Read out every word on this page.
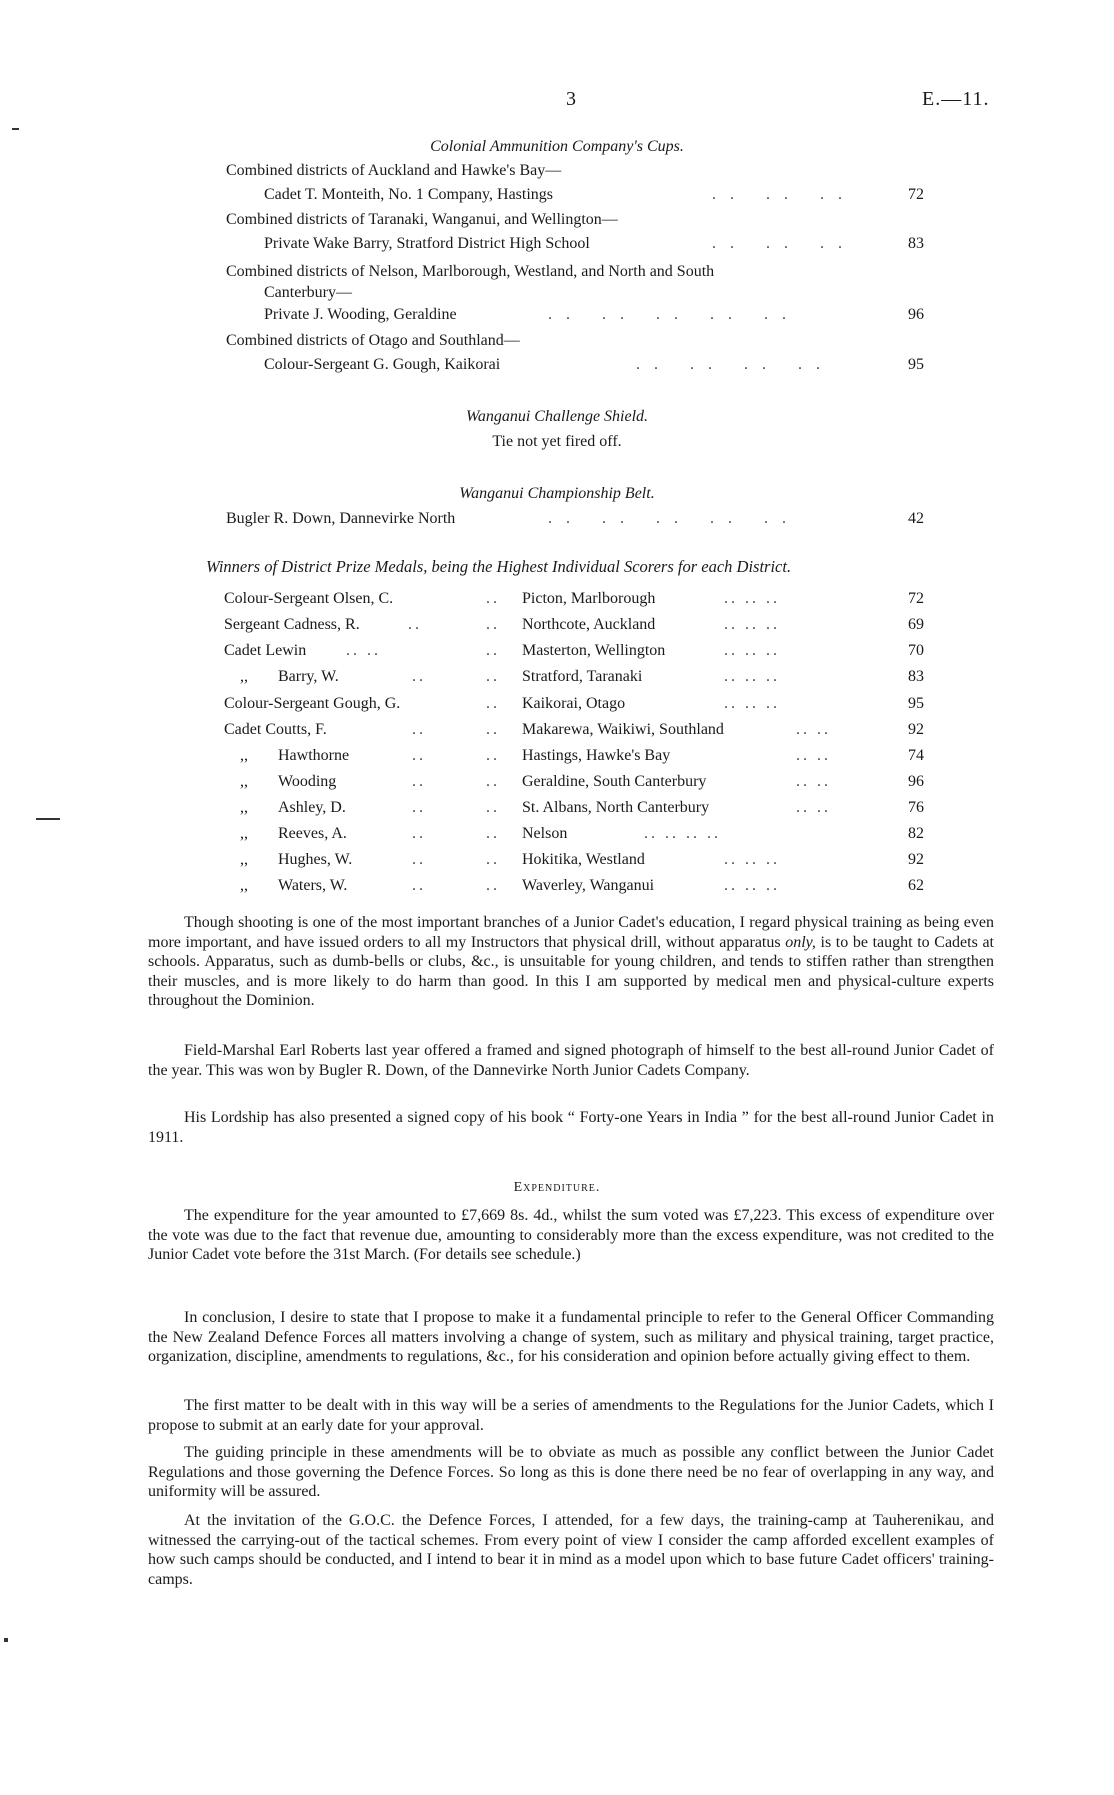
3	E.—11.
Colonial Ammunition Company's Cups.
Combined districts of Auckland and Hawke's Bay—
Cadet T. Monteith, No. 1 Company, Hastings	.. .. ..	72
Combined districts of Taranaki, Wanganui, and Wellington—
Private Wake Barry, Stratford District High School	.. .. ..	83
Combined districts of Nelson, Marlborough, Westland, and North and South
Canterbury—
Private J. Wooding, Geraldine	.. .. .. .. ..	96
Combined districts of Otago and Southland—
Colour-Sergeant G. Gough, Kaikorai	.. .. .. ..	95
Wanganui Challenge Shield.
Tie not yet fired off.
Wanganui Championship Belt.
Bugler R. Down, Dannevirke North	.. .. .. .. ..	42
Winners of District Prize Medals, being the Highest Individual Scorers for each District.
Colour-Sergeant Olsen, C.	.. Picton, Marlborough	.. .. ..	72
Sergeant Cadness, R.	..	.. Northcote, Auckland	.. .. ..	69
Cadet Lewin .. ..	.. Masterton, Wellington	.. .. ..	70
,, Barry, W.	..	.. Stratford, Taranaki	.. .. ..	83
Colour-Sergeant Gough, G.	.. Kaikorai, Otago	.. .. ..	95
Cadet Coutts, F.	..	.. Makarewa, Waikiwi, Southland	.. ..	92
,, Hawthorne	..	.. Hastings, Hawke's Bay	.. ..	74
,, Wooding	..	.. Geraldine, South Canterbury	.. ..	96
,, Ashley, D.	..	.. St. Albans, North Canterbury	.. ..	76
,, Reeves, A.	..	.. Nelson	.. .. .. ..	82
,, Hughes, W.	..	.. Hokitika, Westland	.. .. ..	92
,, Waters, W.	..	.. Waverley, Wanganui	.. .. ..	62

Though shooting is one of the most important branches of a Junior Cadet's education, I regard physical training as being even more important, and have issued orders to all my Instructors that physical drill, without apparatus only, is to be taught to Cadets at schools. Apparatus, such as dumb-bells or clubs, &c., is unsuitable for young children, and tends to stiffen rather than strengthen their muscles, and is more likely to do harm than good. In this I am supported by medical men and physical-culture experts throughout the Dominion.

Field-Marshal Earl Roberts last year offered a framed and signed photograph of himself to the best all-round Junior Cadet of the year. This was won by Bugler R. Down, of the Dannevirke North Junior Cadets Company.

His Lordship has also presented a signed copy of his book “ Forty-one Years in India ” for the best all-round Junior Cadet in 1911.

Expenditure.

The expenditure for the year amounted to £7,669 8s. 4d., whilst the sum voted was £7,223. This excess of expenditure over the vote was due to the fact that revenue due, amounting to considerably more than the excess expenditure, was not credited to the Junior Cadet vote before the 31st March. (For details see schedule.)

In conclusion, I desire to state that I propose to make it a fundamental principle to refer to the General Officer Commanding the New Zealand Defence Forces all matters involving a change of system, such as military and physical training, target practice, organization, discipline, amendments to regulations, &c., for his consideration and opinion before actually giving effect to them.

The first matter to be dealt with in this way will be a series of amendments to the Regulations for the Junior Cadets, which I propose to submit at an early date for your approval.

The guiding principle in these amendments will be to obviate as much as possible any conflict between the Junior Cadet Regulations and those governing the Defence Forces. So long as this is done there need be no fear of overlapping in any way, and uniformity will be assured.

At the invitation of the G.O.C. the Defence Forces, I attended, for a few days, the training-camp at Tauherenikau, and witnessed the carrying-out of the tactical schemes. From every point of view I consider the camp afforded excellent examples of how such camps should be conducted, and I intend to bear it in mind as a model upon which to base future Cadet officers' training-camps.
